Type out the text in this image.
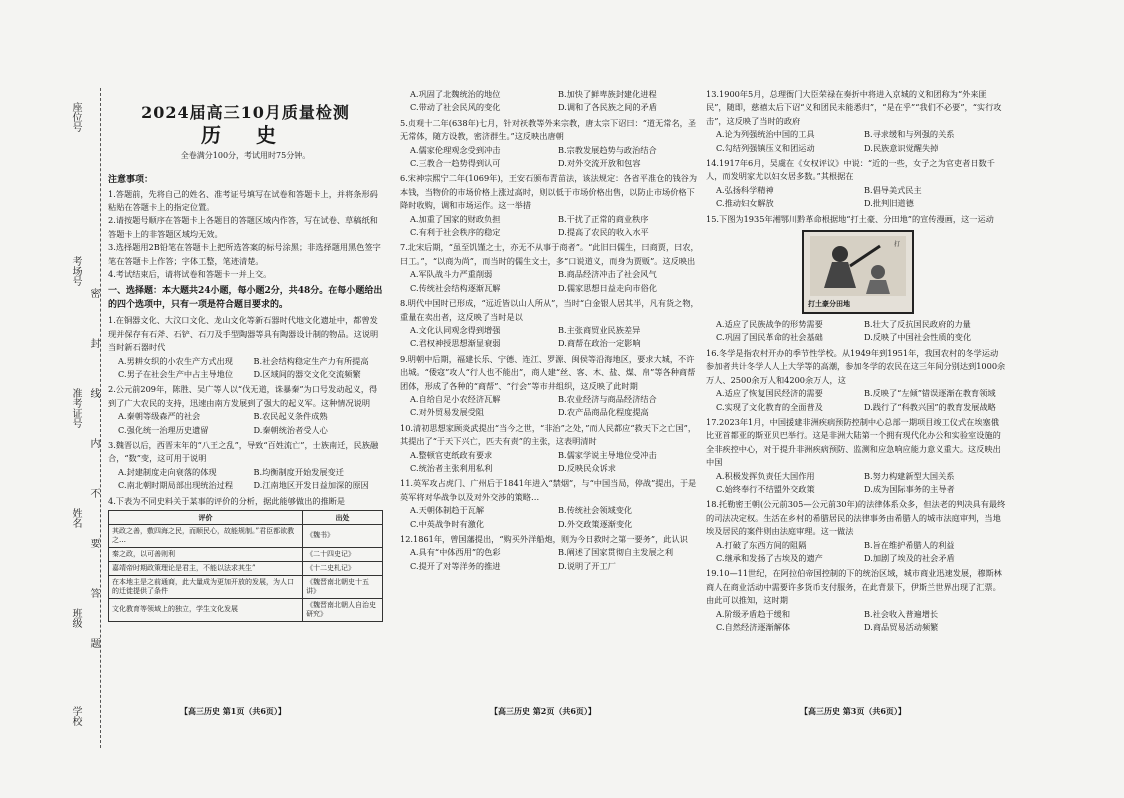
座位号
考场号
准考证号
姓名
班级
学校
密
封
线
内
不
要
答
题
2024届高三10月质量检测
历 史
全卷满分100分，考试用时75分钟。

注意事项：

1.答题前，先将自己的姓名、准考证号填写在试卷和答题卡上，并将条形码粘贴在答题卡上的指定位置。

2.请按题号顺序在答题卡上各题目的答题区域内作答，写在试卷、草稿纸和答题卡上的非答题区域均无效。

3.选择题用2B铅笔在答题卡上把所选答案的标号涂黑；非选择题用黑色签字笔在答题卡上作答；字体工整，笔迹清楚。

4.考试结束后，请将试卷和答题卡一并上交。

一、选择题：本大题共24小题，每小题2分，共48分。在每小题给出的四个选项中，只有一项是符合题目要求的。

1.在铜器文化、大汶口文化、龙山文化等新石器时代地文化遗址中，都曾发现并保存有石斧、石铲、石刀及手型陶器等具有陶器设计制的物品。这说明当时新石器时代

A.男耕女织的小农生产方式出现	B.社会结构稳定生产力有所提高
C.男子在社会生产中占主导地位	D.区域间的器交文化交流频繁

2.公元前209年，陈胜、吴广等人以“伐无道，诛暴秦”为口号发动起义，得到了广大农民的支持，迅速由南方发展到了强大的起义军。这种情况说明

A.秦朝等级森严的社会	B.农民起义条件成熟
C.强化统一治理历史遗留	D.秦朝统治者受人心

3.魏晋以后，西晋末年的“八王之乱”，导致“百姓流亡”，士族南迁，民族融合，“数”变，这可用于说明

A.封建制度走向衰落的体现	B.均衡制度开始发展变迁
C.南北朝时期局部出现统治过程	D.江南地区开发日益加深的原因

4.下表为不同史料关于某事的评价的分析，据此能够做出的推断是

评价	出处
其政之善，敷四海之民，而顺民心，故能规制。”君臣都欲教之…	《魏书》
秦之政，以可善则利	《二十四史记》
嘉靖帝时期政策理论是君主，不能以法求其生”	《十二史札记》
在本地主是之前通商，此大量成为更加开放的发展，为人口的迁徙提供了条件	《魏晋南北朝史十五讲》
文化教育等领域上的独立，学生文化发展	《魏晋南北朝人自治史研究》
A.巩固了北魏统治的地位	B.加快了鲜卑族封建化进程
C.带动了社会民风的变化	D.调和了各民族之间的矛盾

5.贞观十二年(638年)七月，针对祆教等外来宗教，唐太宗下诏曰：“道无常名，圣无常体，随方设教，密济群生。”这反映出唐朝

A.儒家伦理观念受到冲击	B.宗教发展趋势与政治结合
C.三教合一趋势得到认可	D.对外交流开放和包容

6.宋神宗熙宁二年(1069年)，王安石颁布青苗法，该法规定：各省平准仓的钱谷为本钱，当物价的市场价格上涨过高时，则以低于市场价格出售，以防止市场价格下降时收购，调和市场运作。这一举措

A.加重了国家的财政负担	B.干扰了正常的商业秩序
C.有利于社会秩序的稳定	D.提高了农民的收入水平

7.北宋后期，“虽至饥馑之士，亦无不从事于商者”。“此旧曰儒生，曰商贾，曰农，曰工。”，“以商为尚”，而当时的儒生文士，多“口说道义，而身为贾贩”。这反映出

A.军队战斗力严重削弱	B.商品经济冲击了社会风气
C.传统社会结构逐渐瓦解	D.儒家思想日益走向市俗化

8.明代中国时已形成，“远近皆以山人所从”，当时“白金银人居其半，凡有货之物，重量在卖出者，这反映了当时是以

A.文化认同观念得到增强	B.主张商贸业民族差异
C.君权神授思想渐显衰弱	D.商帮在政治一定影响

9.明朝中后期，福建长乐、宁德、连江、罗源、闽侯等沿海地区，要求大城，不许出城。“倭寇”攻人“行人也不能出”，商人建“丝、客、木、盐、煤、帛”等各种商帮团体，形成了各种的“商帮”、“行会”等市井组织，这反映了此时期

A.自给自足小农经济瓦解	B.农业经济与商品经济结合
C.对外贸易发展受阻	D.农产品商品化程度提高

10.清初思想家顾炎武提出“当今之世，“非治”之处，”而人民都应“救天下之亡国”，其提出了“于天下兴亡，匹夫有责”的主张，这表明清时

A.整顿官吏纸政有要求	B.儒家学说主导地位受冲击
C.统治者主张利用私利	D.反映民众诉求

11.英军攻占虎门、广州后于1841年进入“禁烟”，与“中国当局，停战”提出，于是英军将对华战争以及对外交涉的策略…

A.天朝体制趋于瓦解	B.传统社会领域变化
C.中英战争时有激化	D.外交政策逐渐变化

12.1861年，曾国藩提出，“购买外洋船炮，则为今日救时之第一要务”，此认识

A.具有“中体西用”的色彩	B.阐述了国家贯彻自主发展之利
C.提开了对等洋务的推进	D.说明了开工厂

13.1900年5月，总理衙门大臣荣禄在奏折中将进入京城的义和团称为“外来匪民”，随即，慈禧太后下诏“义和团民未能悉归”，“是在乎”“我们不必要”，“实行攻击”，这反映了当时的政府

A.论为列强统治中国的工具	B.寻求缓和与列强的关系
C.勾结列强镇压义和团运动	D.民族意识觉醒失掉

14.1917年6月，吴虞在《女权评议》中说：“近的一些，女子之为官吏者日数千人，而发明家尤以妇女居多数。”其根据在

A.弘扬科学精神	B.倡导美式民主
C.推动妇女解放	D.批判旧道德

15.下图为1935年湘鄂川黔革命根据地“打土豪、分田地”的宣传漫画，这一运动

打
打土豪分田地
A.适应了民族战争的形势需要	B.壮大了反抗国民政府的力量
C.巩固了国民革命的社会基础	D.反映了中国社会性质的变化

16.冬学是指农村开办的季节性学校。从1949年到1951年，我国农村的冬学运动参加者共计冬学人人上大学等的高潮，参加冬学的农民在这三年间分别达到1000余万人、2500余万人和4200余万人，这

A.适应了恢复国民经济的需要	B.反映了“左倾”错误逐渐在教育领域
C.实现了文化教育的全面普及	D.践行了“科教兴国”的教育发展战略

17.2023年1月，中国援建非洲疾病预防控制中心总部一期项目竣工仪式在埃塞俄比亚首都亚的斯亚贝巴举行。这是非洲大陆第一个拥有现代化办公和实验室设施的全非疾控中心，对于提升非洲疾病预防、监测和应急响应能力意义重大。这反映出中国

A.积极发挥负责任大国作用	B.努力构建新型大国关系
C.始终奉行不结盟外交政策	D.成为国际事务的主导者

18.托勒密王朝(公元前305—公元前30年)的法律体系众多，但法老的判决具有最终的司法决定权。生活在乡村的希腊居民的法律事务由希腊人的城市法庭审判，当地埃及居民的案件则由法庭审理。这一做法

A.打破了东西方间的阻隔	B.旨在维护希腊人的利益
C.继承和发扬了古埃及的遗产	D.加剧了埃及的社会矛盾

19.10—11世纪，在阿拉伯帝国控制的下的统治区域，城市商业迅速发展，穆斯林商人在商业活动中需要许多货币支付服务，在此背景下，伊斯兰世界出现了汇票。由此可以推知，这时期

A.阶级矛盾趋于缓和	B.社会收入普遍增长
C.自然经济逐渐解体	D.商品贸易活动频繁
【高三历史 第1页（共6页）】	【高三历史 第2页（共6页）】	【高三历史 第3页（共6页）】
